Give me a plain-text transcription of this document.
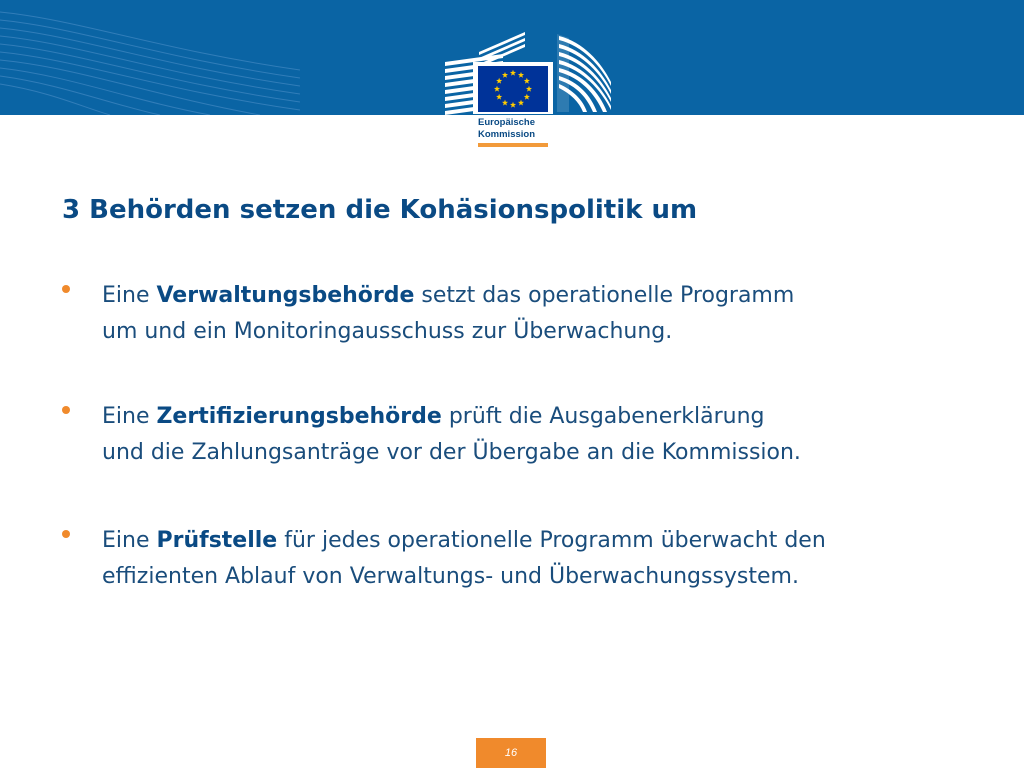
Europäische
Kommission
3 Behörden setzen die Kohäsionspolitik um
Eine Verwaltungsbehörde setzt das operationelle Programm
um und ein Monitoringausschuss zur Überwachung.
Eine Zertifizierungsbehörde prüft die Ausgabenerklärung
und die Zahlungsanträge vor der Übergabe an die Kommission.
Eine Prüfstelle für jedes operationelle Programm überwacht den
effizienten Ablauf von Verwaltungs- und Überwachungssystem.
16
